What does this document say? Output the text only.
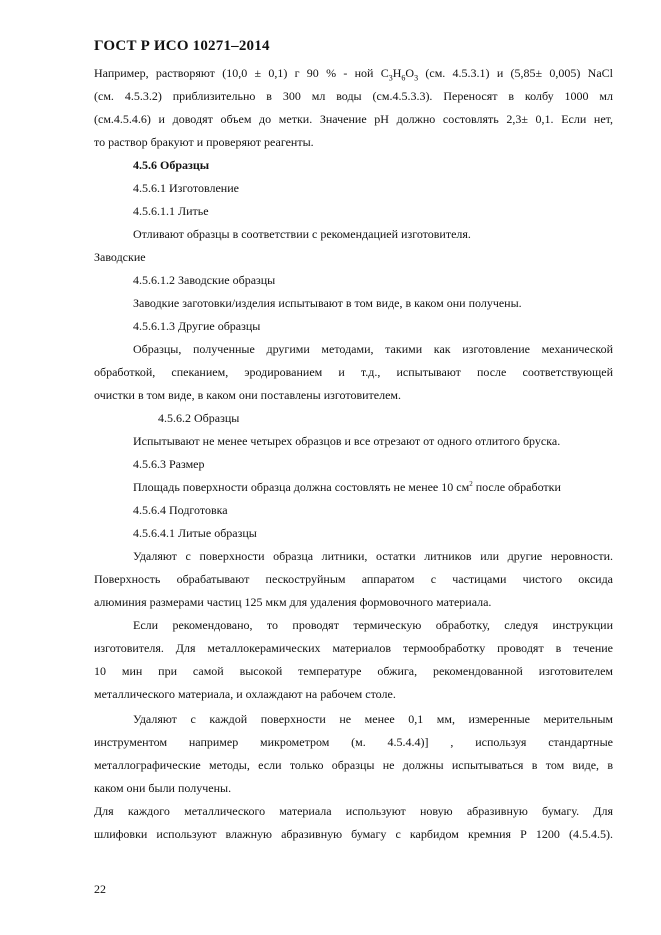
ГОСТ Р ИСО 10271–2014
Например, растворяют (10,0 ± 0,1) г 90 % - ной $C_3H_6O_3$ (см. 4.5.3.1) и (5,85± 0,005) NaCl
(см. 4.5.3.2) приблизительно в 300 мл воды (см.4.5.3.3). Переносят в колбу 1000 мл
(см.4.5.4.6) и доводят объем до метки. Значение pH должно состовлять 2,3± 0,1. Если нет,
то раствор бракуют и проверяют реагенты.
4.5.6 Образцы
4.5.6.1 Изготовление
4.5.6.1.1 Литье
Отливают образцы в соответствии с рекомендацией изготовителя.
Заводские
4.5.6.1.2 Заводские образцы
Заводкие заготовки/изделия испытывают в том виде, в каком они получены.
4.5.6.1.3 Другие образцы
Образцы, полученные другими методами, такими как изготовление механической
обработкой, спеканием, эродированием и т.д., испытывают после соответствующей
очистки в том виде, в каком они поставлены изготовителем.
4.5.6.2 Образцы
Испытывают не менее четырех образцов и все отрезают от одного отлитого бруска.
4.5.6.3 Размер
Площадь поверхности образца должна состовлять не менее 10 $см^2$ после обработки
4.5.6.4 Подготовка
4.5.6.4.1 Литые образцы
Удаляют с поверхности образца литники, остатки литников или другие неровности.
Поверхность обрабатывают пескоструйным аппаратом с частицами чистого оксида
алюминия размерами частиц 125 мкм для удаления формовочного материала.
Если рекомендовано, то проводят термическую обработку, следуя инструкции
изготовителя. Для металлокерамических материалов термообработку проводят в течение
10 мин при самой высокой температуре обжига, рекомендованной изготовителем
металлического материала, и охлаждают на рабочем столе.
Удаляют с каждой поверхности не менее 0,1 мм, измеренные мерительным
инструментом например микрометром (м. 4.5.4.4)] , используя стандартные
металлографические методы, если только образцы не должны испытываться в том виде, в
каком они были получены.
Для каждого металлического материала используют новую абразивную бумагу. Для
шлифовки используют влажную абразивную бумагу с карбидом кремния Р 1200 (4.5.4.5).
22
